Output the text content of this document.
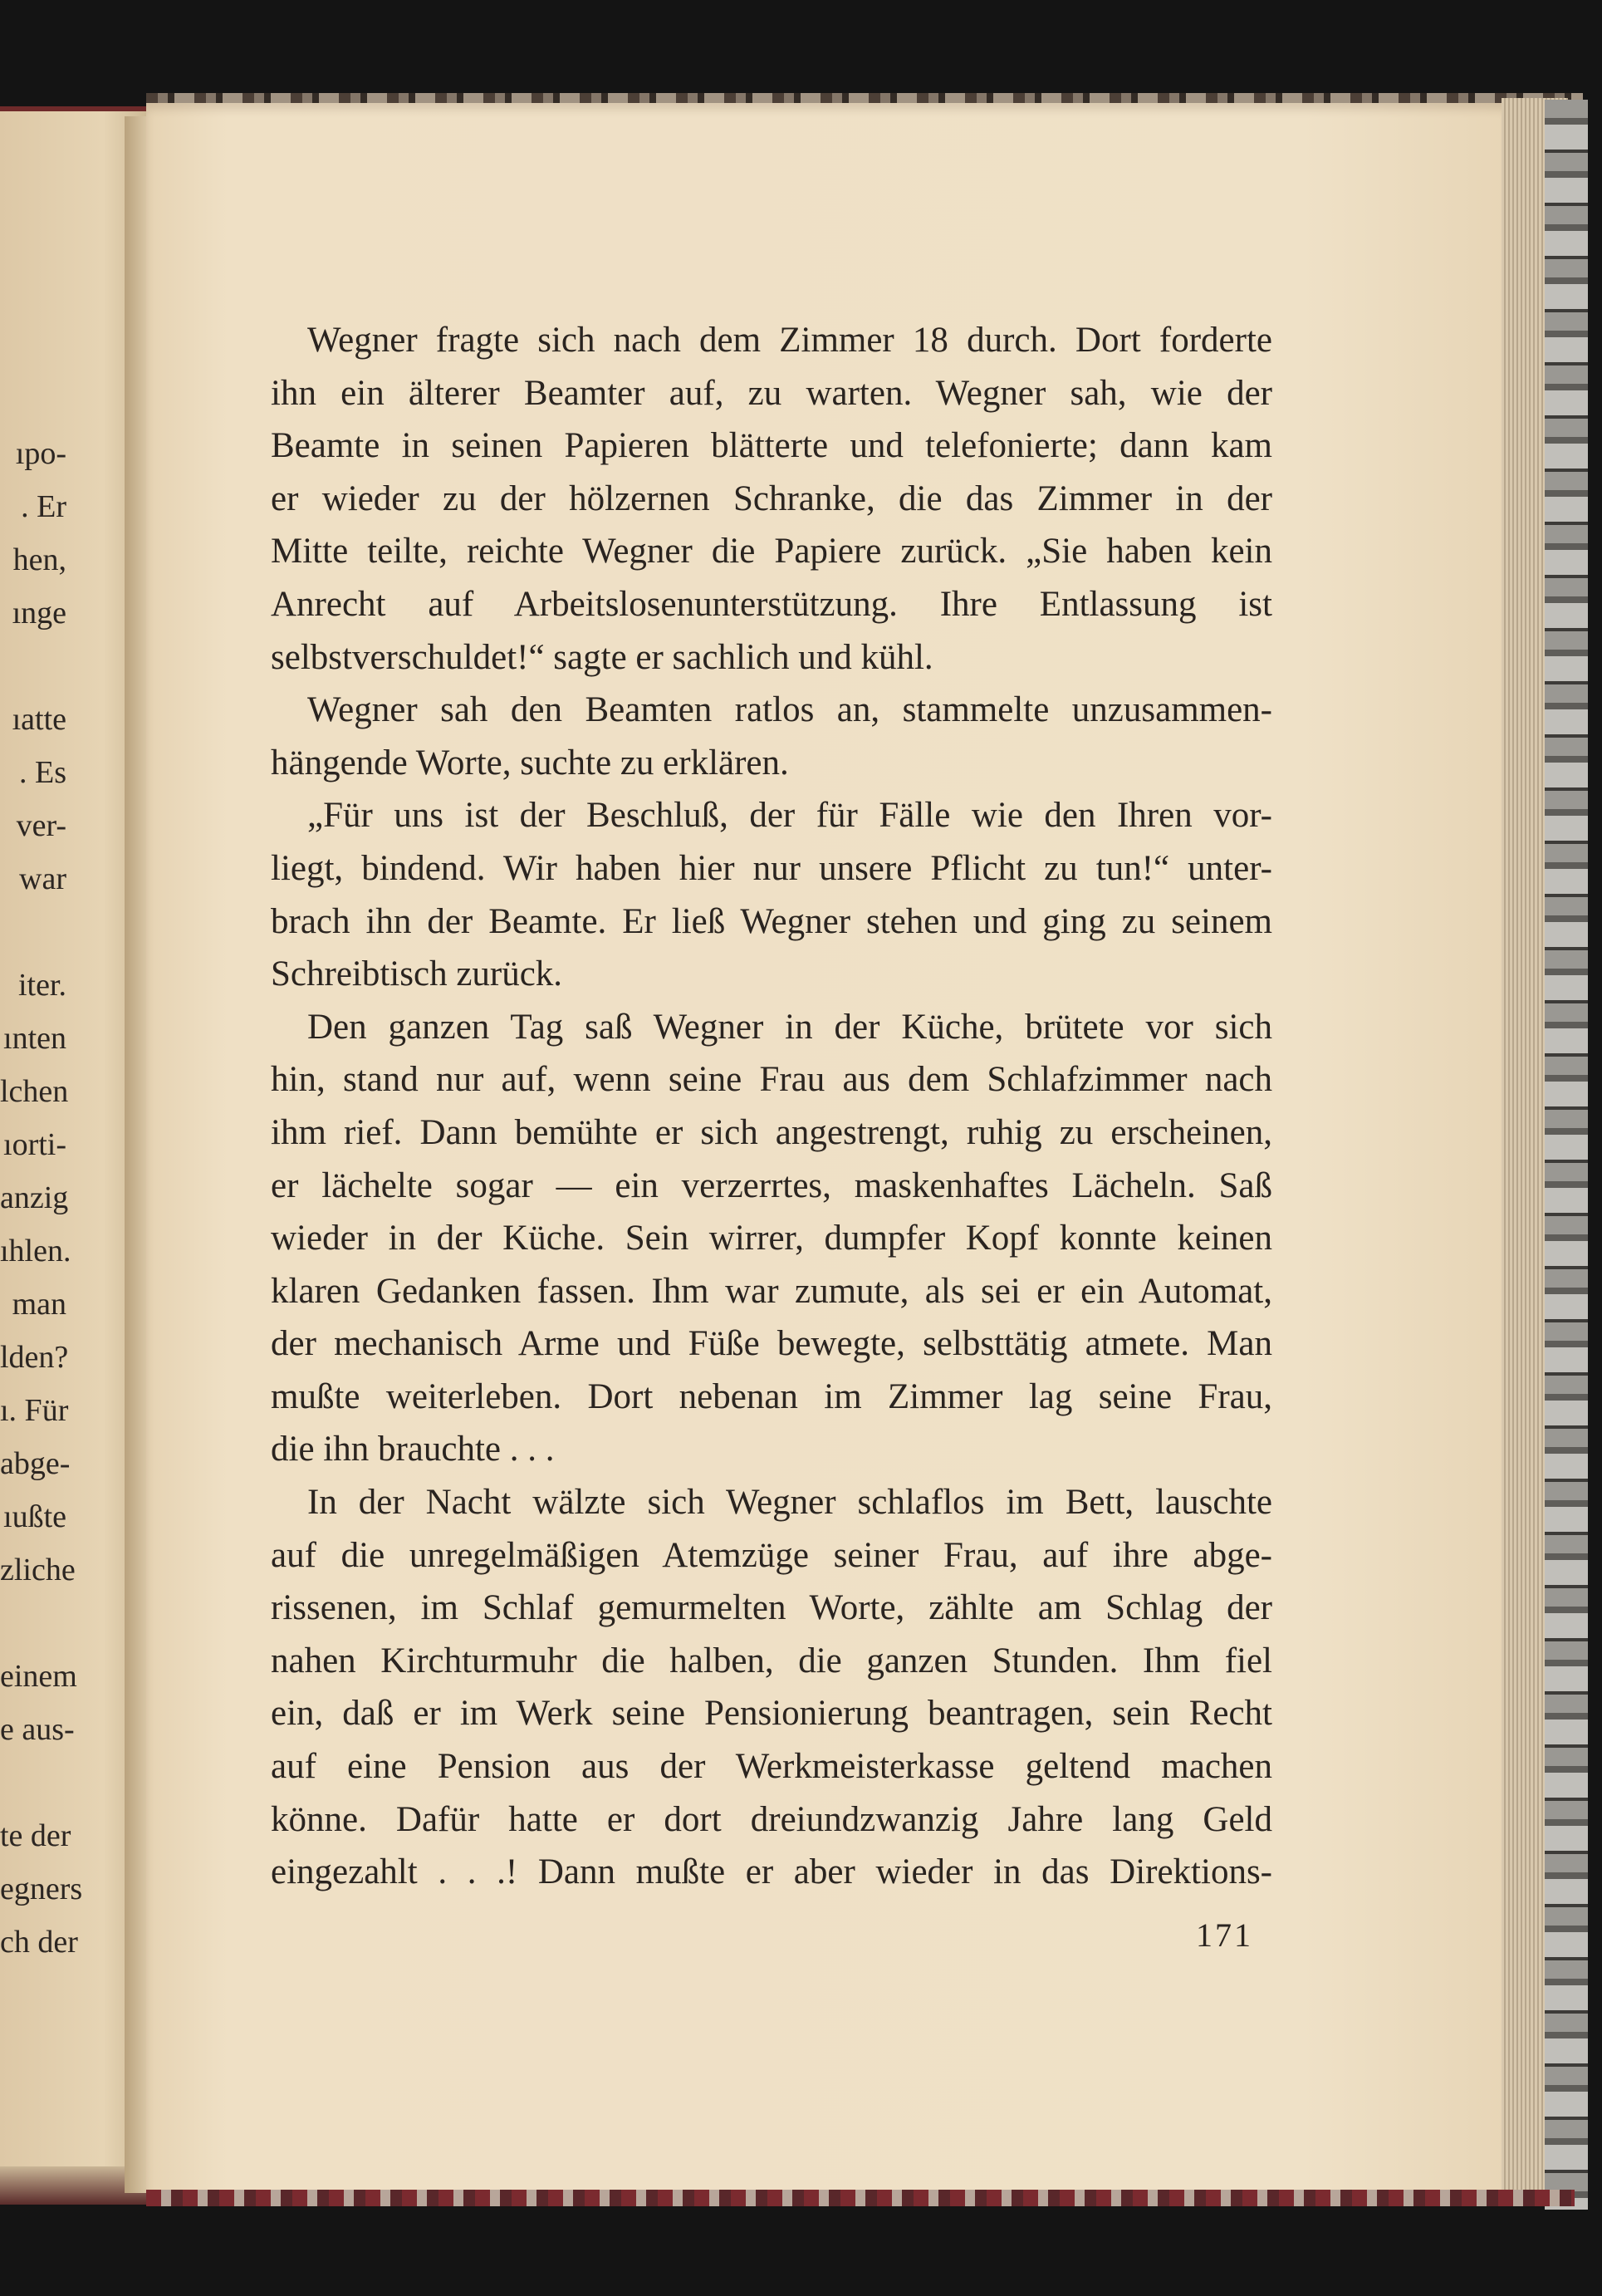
ıpo-
. Er
hen,
ınge
ıatte
. Es
ver-
war
iter.
ınten
lchen
ıorti-
anzig
ıhlen.
man
lden?
ı. Für
abge-
ıußte
zliche
einem
e aus-
te der
egners
ch der
Wegner fragte sich nach dem Zimmer 18 durch. Dort forderte
ihn ein älterer Beamter auf, zu warten. Wegner sah, wie der
Beamte in seinen Papieren blätterte und telefonierte; dann kam
er wieder zu der hölzernen Schranke, die das Zimmer in der
Mitte teilte, reichte Wegner die Papiere zurück. „Sie haben kein
Anrecht auf Arbeitslosenunterstützung. Ihre Entlassung ist
selbstverschuldet!“ sagte er sachlich und kühl.
Wegner sah den Beamten ratlos an, stammelte unzusammen-
hängende Worte, suchte zu erklären.
„Für uns ist der Beschluß, der für Fälle wie den Ihren vor-
liegt, bindend. Wir haben hier nur unsere Pflicht zu tun!“ unter-
brach ihn der Beamte. Er ließ Wegner stehen und ging zu seinem
Schreibtisch zurück.
Den ganzen Tag saß Wegner in der Küche, brütete vor sich
hin, stand nur auf, wenn seine Frau aus dem Schlafzimmer nach
ihm rief. Dann bemühte er sich angestrengt, ruhig zu erscheinen,
er lächelte sogar — ein verzerrtes, maskenhaftes Lächeln. Saß
wieder in der Küche. Sein wirrer, dumpfer Kopf konnte keinen
klaren Gedanken fassen. Ihm war zumute, als sei er ein Automat,
der mechanisch Arme und Füße bewegte, selbsttätig atmete. Man
mußte weiterleben. Dort nebenan im Zimmer lag seine Frau,
die ihn brauchte . . .
In der Nacht wälzte sich Wegner schlaflos im Bett, lauschte
auf die unregelmäßigen Atemzüge seiner Frau, auf ihre abge-
rissenen, im Schlaf gemurmelten Worte, zählte am Schlag der
nahen Kirchturmuhr die halben, die ganzen Stunden. Ihm fiel
ein, daß er im Werk seine Pensionierung beantragen, sein Recht
auf eine Pension aus der Werkmeisterkasse geltend machen
könne. Dafür hatte er dort dreiundzwanzig Jahre lang Geld
eingezahlt . . .! Dann mußte er aber wieder in das Direktions-
171
